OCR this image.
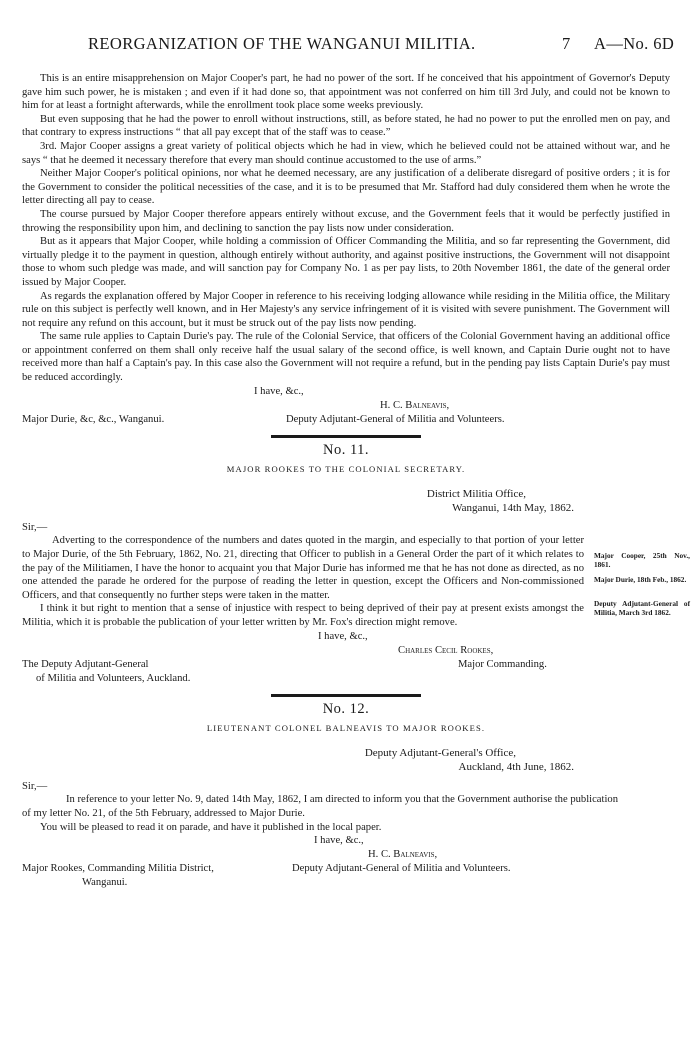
REORGANIZATION OF THE WANGANUI MILITIA.	7 A—No. 6D

This is an entire misapprehension on Major Cooper's part, he had no power of the sort. If he conceived that his appointment of Governor's Deputy gave him such power, he is mistaken ; and even if it had done so, that appointment was not conferred on him till 3rd July, and could not be known to him for at least a fortnight afterwards, while the enrollment took place some weeks previously.

But even supposing that he had the power to enroll without instructions, still, as before stated, he had no power to put the enrolled men on pay, and that contrary to express instructions “ that all pay except that of the staff was to cease.”

3rd. Major Cooper assigns a great variety of political objects which he had in view, which he believed could not be attained without war, and he says “ that he deemed it necessary therefore that every man should continue accustomed to the use of arms.”

Neither Major Cooper's political opinions, nor what he deemed necessary, are any justification of a deliberate disregard of positive orders ; it is for the Government to consider the political necessities of the case, and it is to be presumed that Mr. Stafford had duly considered them when he wrote the letter directing all pay to cease.

The course pursued by Major Cooper therefore appears entirely without excuse, and the Government feels that it would be perfectly justified in throwing the responsibility upon him, and declining to sanction the pay lists now under consideration.

But as it appears that Major Cooper, while holding a commission of Officer Commanding the Militia, and so far representing the Government, did virtually pledge it to the payment in question, although entirely without authority, and against positive instructions, the Government will not disappoint those to whom such pledge was made, and will sanction pay for Company No. 1 as per pay lists, to 20th November 1861, the date of the general order issued by Major Cooper.

As regards the explanation offered by Major Cooper in reference to his receiving lodging allowance while residing in the Militia office, the Military rule on this subject is perfectly well known, and in Her Majesty's any service infringement of it is visited with severe punishment. The Government will not require any refund on this account, but it must be struck out of the pay lists now pending.

The same rule applies to Captain Durie's pay. The rule of the Colonial Service, that officers of the Colonial Government having an additional office or appointment conferred on them shall only receive half the usual salary of the second office, is well known, and Captain Durie ought not to have received more than half a Captain's pay. In this case also the Government will not require a refund, but in the pending pay lists Captain Durie's pay must be reduced accordingly.

I have, &c.,
H. C. Balneavis,
Major Durie, &c, &c., Wanganui.	Deputy Adjutant-General of Militia and Volunteers.
No. 11.
MAJOR ROOKES TO THE COLONIAL SECRETARY.
District Militia Office,
Wanganui, 14th May, 1862.

Sir,—

Adverting to the correspondence of the numbers and dates quoted in the margin, and especially to that portion of your letter to Major Durie, of the 5th February, 1862, No. 21, directing that Officer to publish in a General Order the part of it which relates to the pay of the Militiamen, I have the honor to acquaint you that Major Durie has informed me that he has not done as directed, as no one attended the parade he ordered for the purpose of reading the letter in question, except the Officers and Non-commissioned Officers, and that consequently no further steps were taken in the matter.

I think it but right to mention that a sense of injustice with respect to being deprived of their pay at present exists amongst the Militia, which it is probable the publication of your letter written by Mr. Fox's direction might remove.

Major Cooper, 25th Nov., 1861.
Major Durie, 18th Feb., 1862.
Deputy Adjutant-General of Militia, March 3rd 1862.
I have, &c.,
Charles Cecil Rookes,
The Deputy Adjutant-General	Major Commanding.
of Militia and Volunteers, Auckland.
No. 12.
LIEUTENANT COLONEL BALNEAVIS TO MAJOR ROOKES.
Deputy Adjutant-General's Office,
Auckland, 4th June, 1862.

Sir,—

In reference to your letter No. 9, dated 14th May, 1862, I am directed to inform you that the Government authorise the publication of my letter No. 21, of the 5th February, addressed to Major Durie.

You will be pleased to read it on parade, and have it published in the local paper.

I have, &c.,
H. C. Balneavis,
Major Rookes, Commanding Militia District,	Deputy Adjutant-General of Militia and Volunteers.
Wanganui.
